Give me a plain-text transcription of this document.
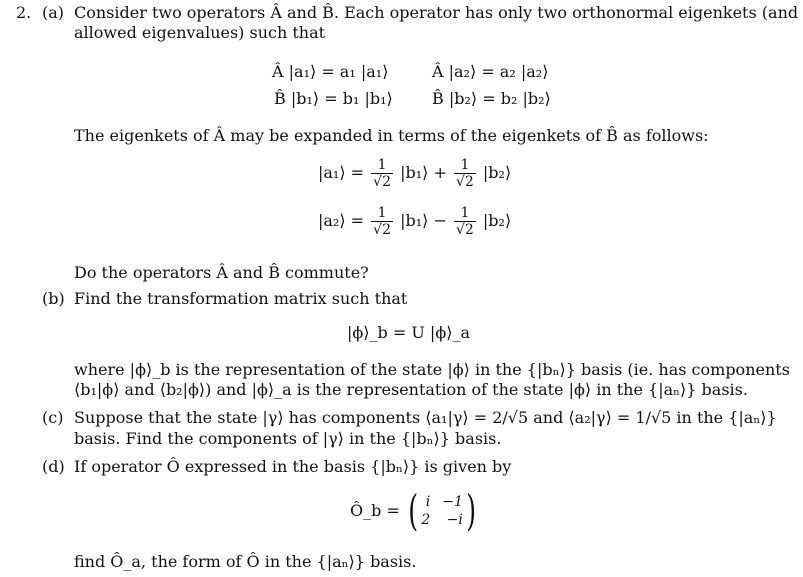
2. (a) Consider two operators Â and B̂. Each operator has only two orthonormal eigenkets (and
allowed eigenvalues) such that
Â |a₁⟩ = a₁ |a₁⟩	Â |a₂⟩ = a₂ |a₂⟩
B̂ |b₁⟩ = b₁ |b₁⟩ B̂ |b₂⟩ = b₂ |b₂⟩
The eigenkets of Â may be expanded in terms of the eigenkets of B̂ as follows:
|a₁⟩ = $\frac{1}{√2}$ |b₁⟩ + $\frac{1}{√2}$ |b₂⟩
|a₂⟩ = $\frac{1}{√2}$ |b₁⟩ − $\frac{1}{√2}$ |b₂⟩
Do the operators Â and B̂ commute?
(b) Find the transformation matrix such that
|ϕ⟩_b = U |ϕ⟩_a
where |ϕ⟩_b is the representation of the state |ϕ⟩ in the {|bₙ⟩} basis (ie. has components
⟨b₁|ϕ⟩ and ⟨b₂|ϕ⟩) and |ϕ⟩_a is the representation of the state |ϕ⟩ in the {|aₙ⟩} basis.
(c) Suppose that the state |γ⟩ has components ⟨a₁|γ⟩ = 2/√5 and ⟨a₂|γ⟩ = 1/√5 in the {|aₙ⟩}
basis. Find the components of |γ⟩ in the {|bₙ⟩} basis.
(d) If operator Ô expressed in the basis {|bₙ⟩} is given by
Ô_b = ( i −1
2	−i )
find Ô_a, the form of Ô in the {|aₙ⟩} basis.
